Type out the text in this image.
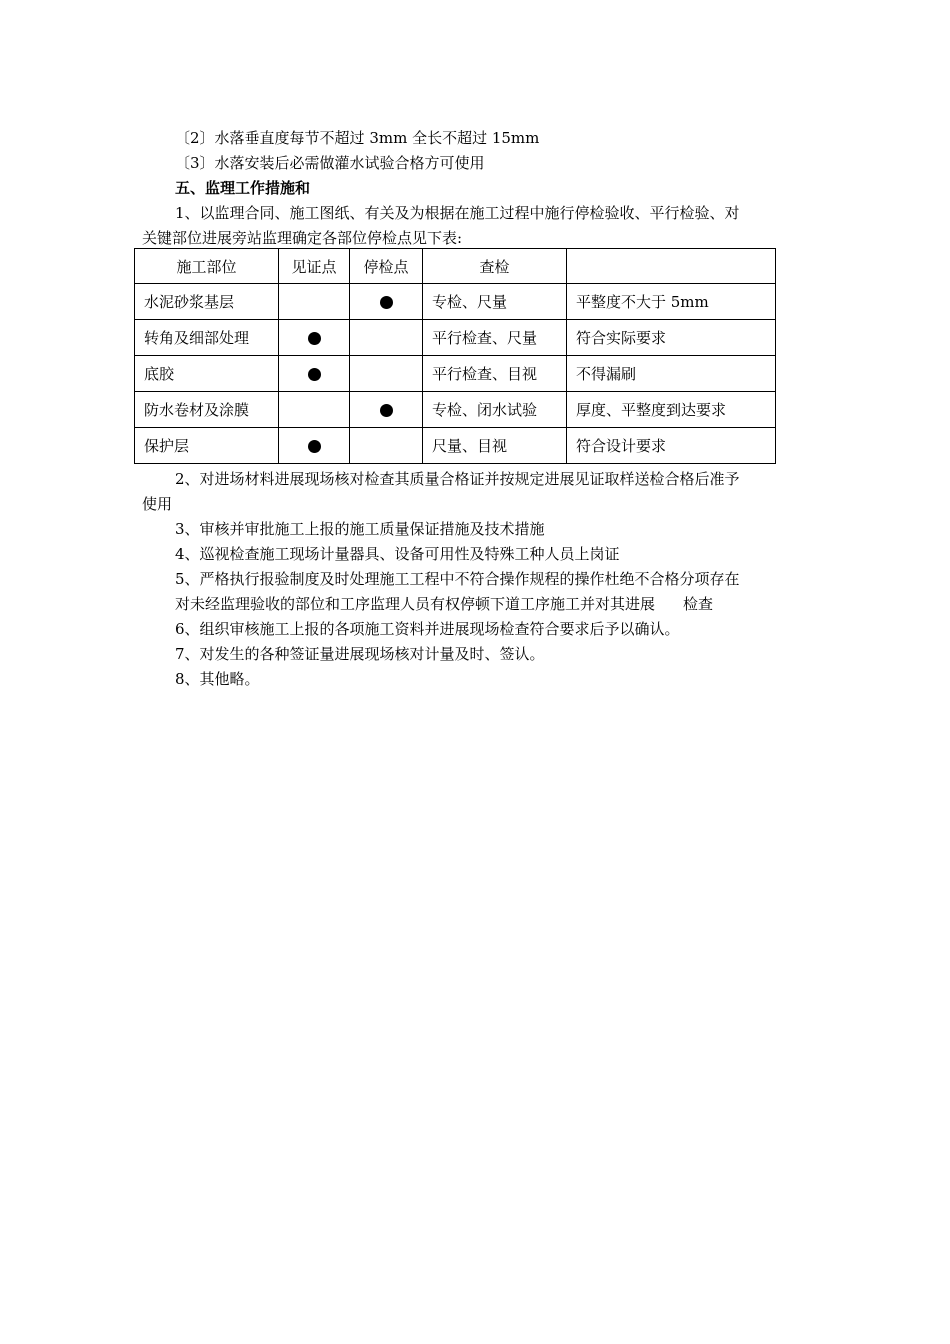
〔2〕水落垂直度每节不超过 3mm 全长不超过 15mm
〔3〕水落安装后必需做灌水试验合格方可使用
五、监理工作措施和
1、以监理合同、施工图纸、有关及为根据在施工过程中施行停检验收、平行检验、对
关键部位进展旁站监理确定各部位停检点见下表:
施工部位	见证点	停检点	查检	
水泥砂浆基层			专检、尺量	平整度不大于 5mm
转角及细部处理			平行检查、尺量	符合实际要求
底胶			平行检查、目视	不得漏刷
防水卷材及涂膜			专检、闭水试验	厚度、平整度到达要求
保护层			尺量、目视	符合设计要求
2、对进场材料进展现场核对检查其质量合格证并按规定进展见证取样送检合格后准予
使用
3、审核并审批施工上报的施工质量保证措施及技术措施
4、巡视检查施工现场计量器具、设备可用性及特殊工种人员上岗证
5、严格执行报验制度及时处理施工工程中不符合操作规程的操作杜绝不合格分项存在
对未经监理验收的部位和工序监理人员有权停顿下道工序施工并对其进展 检查
6、组织审核施工上报的各项施工资料并进展现场检查符合要求后予以确认。
7、对发生的各种签证量进展现场核对计量及时、签认。
8、其他略。
